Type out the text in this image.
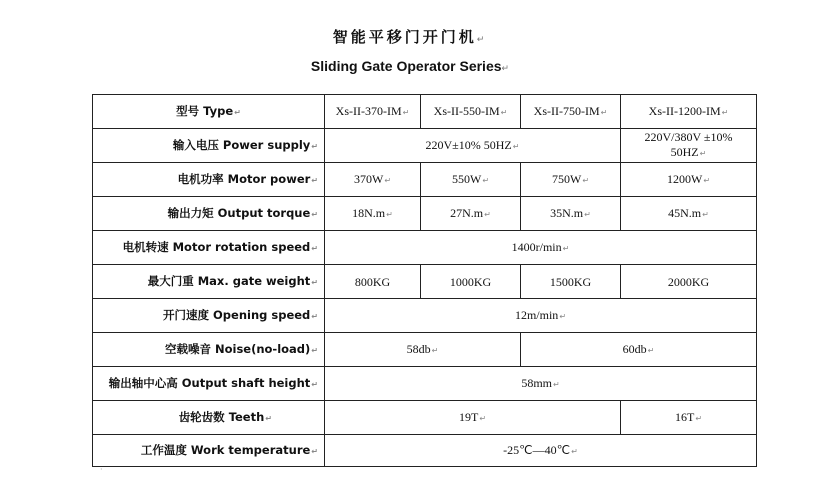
智能平移门开门机↵
Sliding Gate Operator Series↵
型号 Type↵	Xs-II-370-IM↵	Xs-II-550-IM↵	Xs-II-750-IM↵	Xs-II-1200-IM↵
输入电压 Power supply↵	220V±10% 50HZ↵			220V/380V ±10%
50HZ↵
电机功率 Motor power↵	370W↵	550W↵	750W↵	1200W↵
输出力矩 Output torque↵	18N.m↵	27N.m↵	35N.m↵	45N.m↵
电机转速 Motor rotation speed↵	1400r/min↵			
最大门重 Max. gate weight↵	800KG	1000KG	1500KG	2000KG
开门速度 Opening speed↵	12m/min↵			
空载噪音 Noise(no-load)↵	58db↵		60db↵	
输出轴中心高 Output shaft height↵	58mm↵			
齿轮齿数 Teeth↵	19T↵			16T↵
工作温度 Work temperature↵	-25℃—40℃↵			
·
